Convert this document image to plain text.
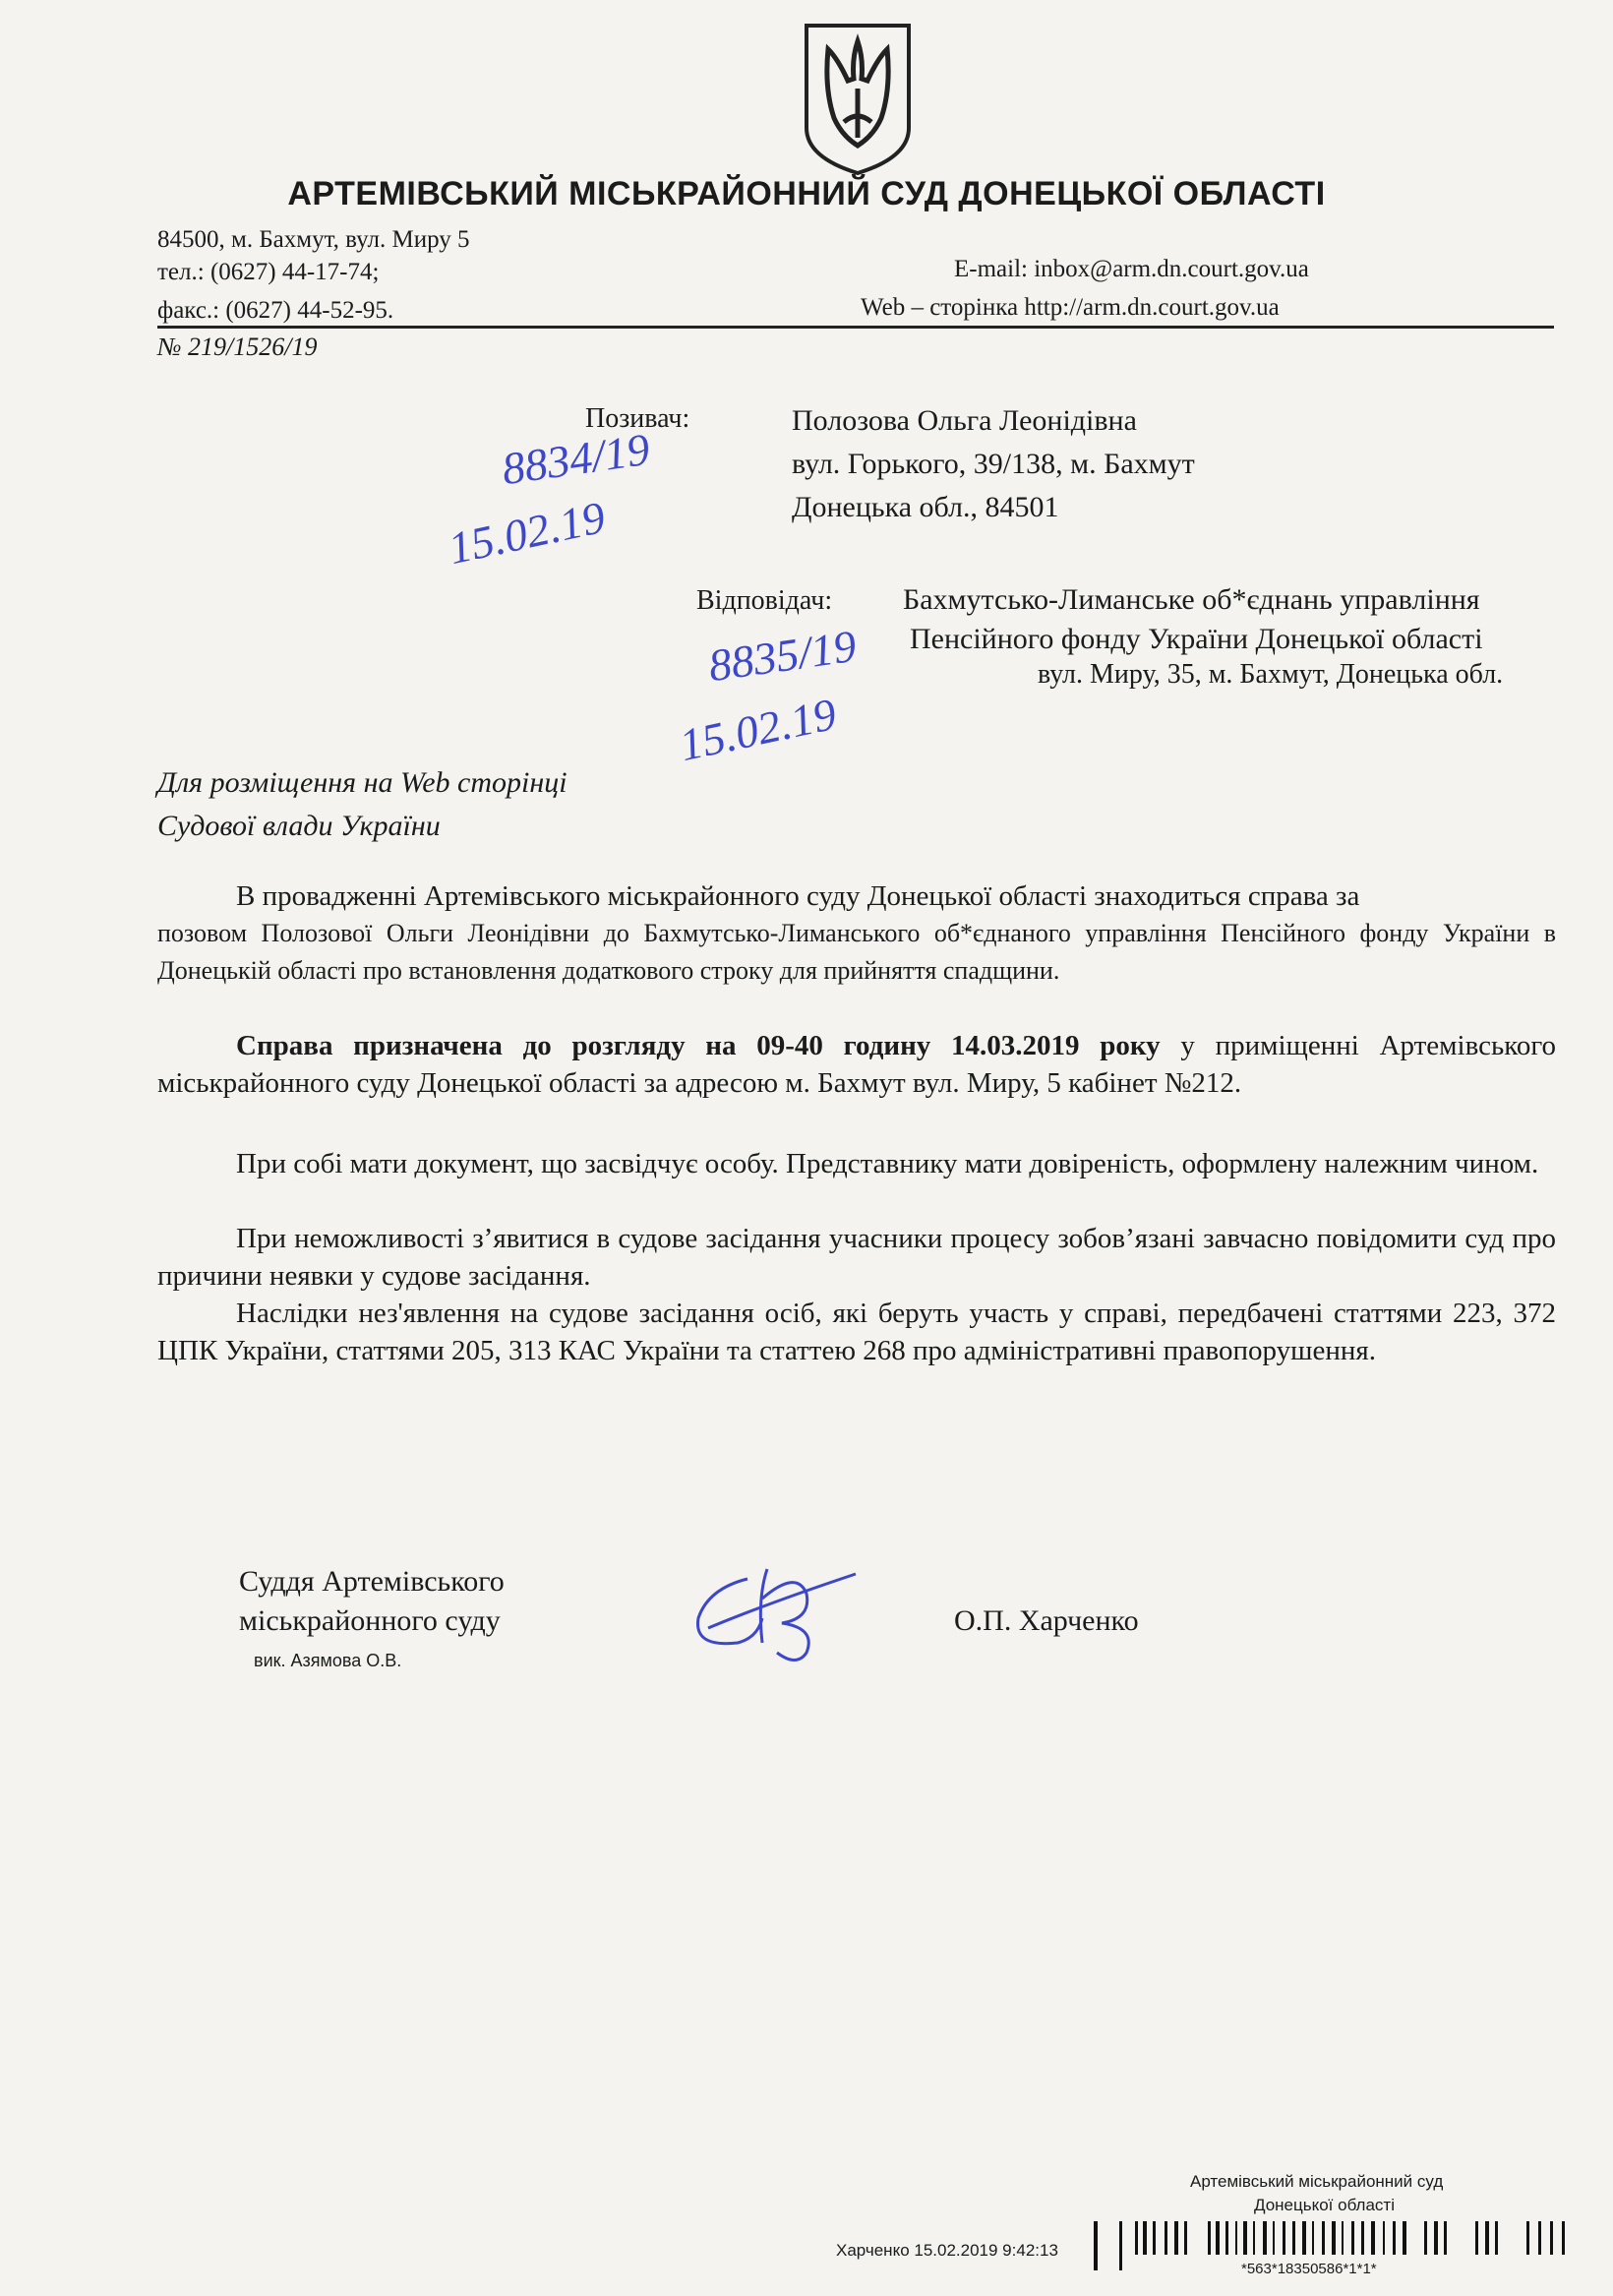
АРТЕМІВСЬКИЙ МІСЬКРАЙОННИЙ СУД ДОНЕЦЬКОЇ ОБЛАСТІ
84500, м. Бахмут, вул. Миру 5
тел.: (0627) 44-17-74;
факс.: (0627) 44-52-95.
E-mail: inbox@arm.dn.court.gov.ua
Web – сторінка http://arm.dn.court.gov.ua
№ 219/1526/19
Позивач:	Полозова Ольга Леонідівна
вул. Горького, 39/138, м. Бахмут
Донецька обл., 84501
8834/19
15.02.19
Відповідач: Бахмутсько-Лиманське об*єднань управління
Пенсійного фонду України Донецької області
вул. Миру, 35, м. Бахмут, Донецька обл.
8835/19
15.02.19
Для розміщення на Web сторінці
Судової влади України
В провадженні Артемівського міськрайонного суду Донецької області знаходиться справа за
позовом Полозової Ольги Леонідівни до Бахмутсько-Лиманського об*єднаного управління Пенсійного фонду України в Донецькій області про встановлення додаткового строку для прийняття спадщини.
Справа призначена до розгляду на 09-40 годину 14.03.2019 року у приміщенні Артемівського міськрайонного суду Донецької області за адресою м. Бахмут вул. Миру, 5 кабінет №212.
При собі мати документ, що засвідчує особу. Представнику мати довіреність, оформлену належним чином.
При неможливості з’явитися в судове засідання учасники процесу зобов’язані завчасно повідомити суд про причини неявки у судове засідання.
Наслідки нез'явлення на судове засідання осіб, які беруть участь у справі, передбачені статтями 223, 372 ЦПК України, статтями 205, 313 КАС України та статтею 268 про адміністративні правопорушення.
Суддя Артемівського
міськрайонного суду
вик. Азямова О.В.
О.П. Харченко
Артемівський міськрайонний суд
Донецької області
Харченко 15.02.2019 9:42:13
*563*18350586*1*1*
